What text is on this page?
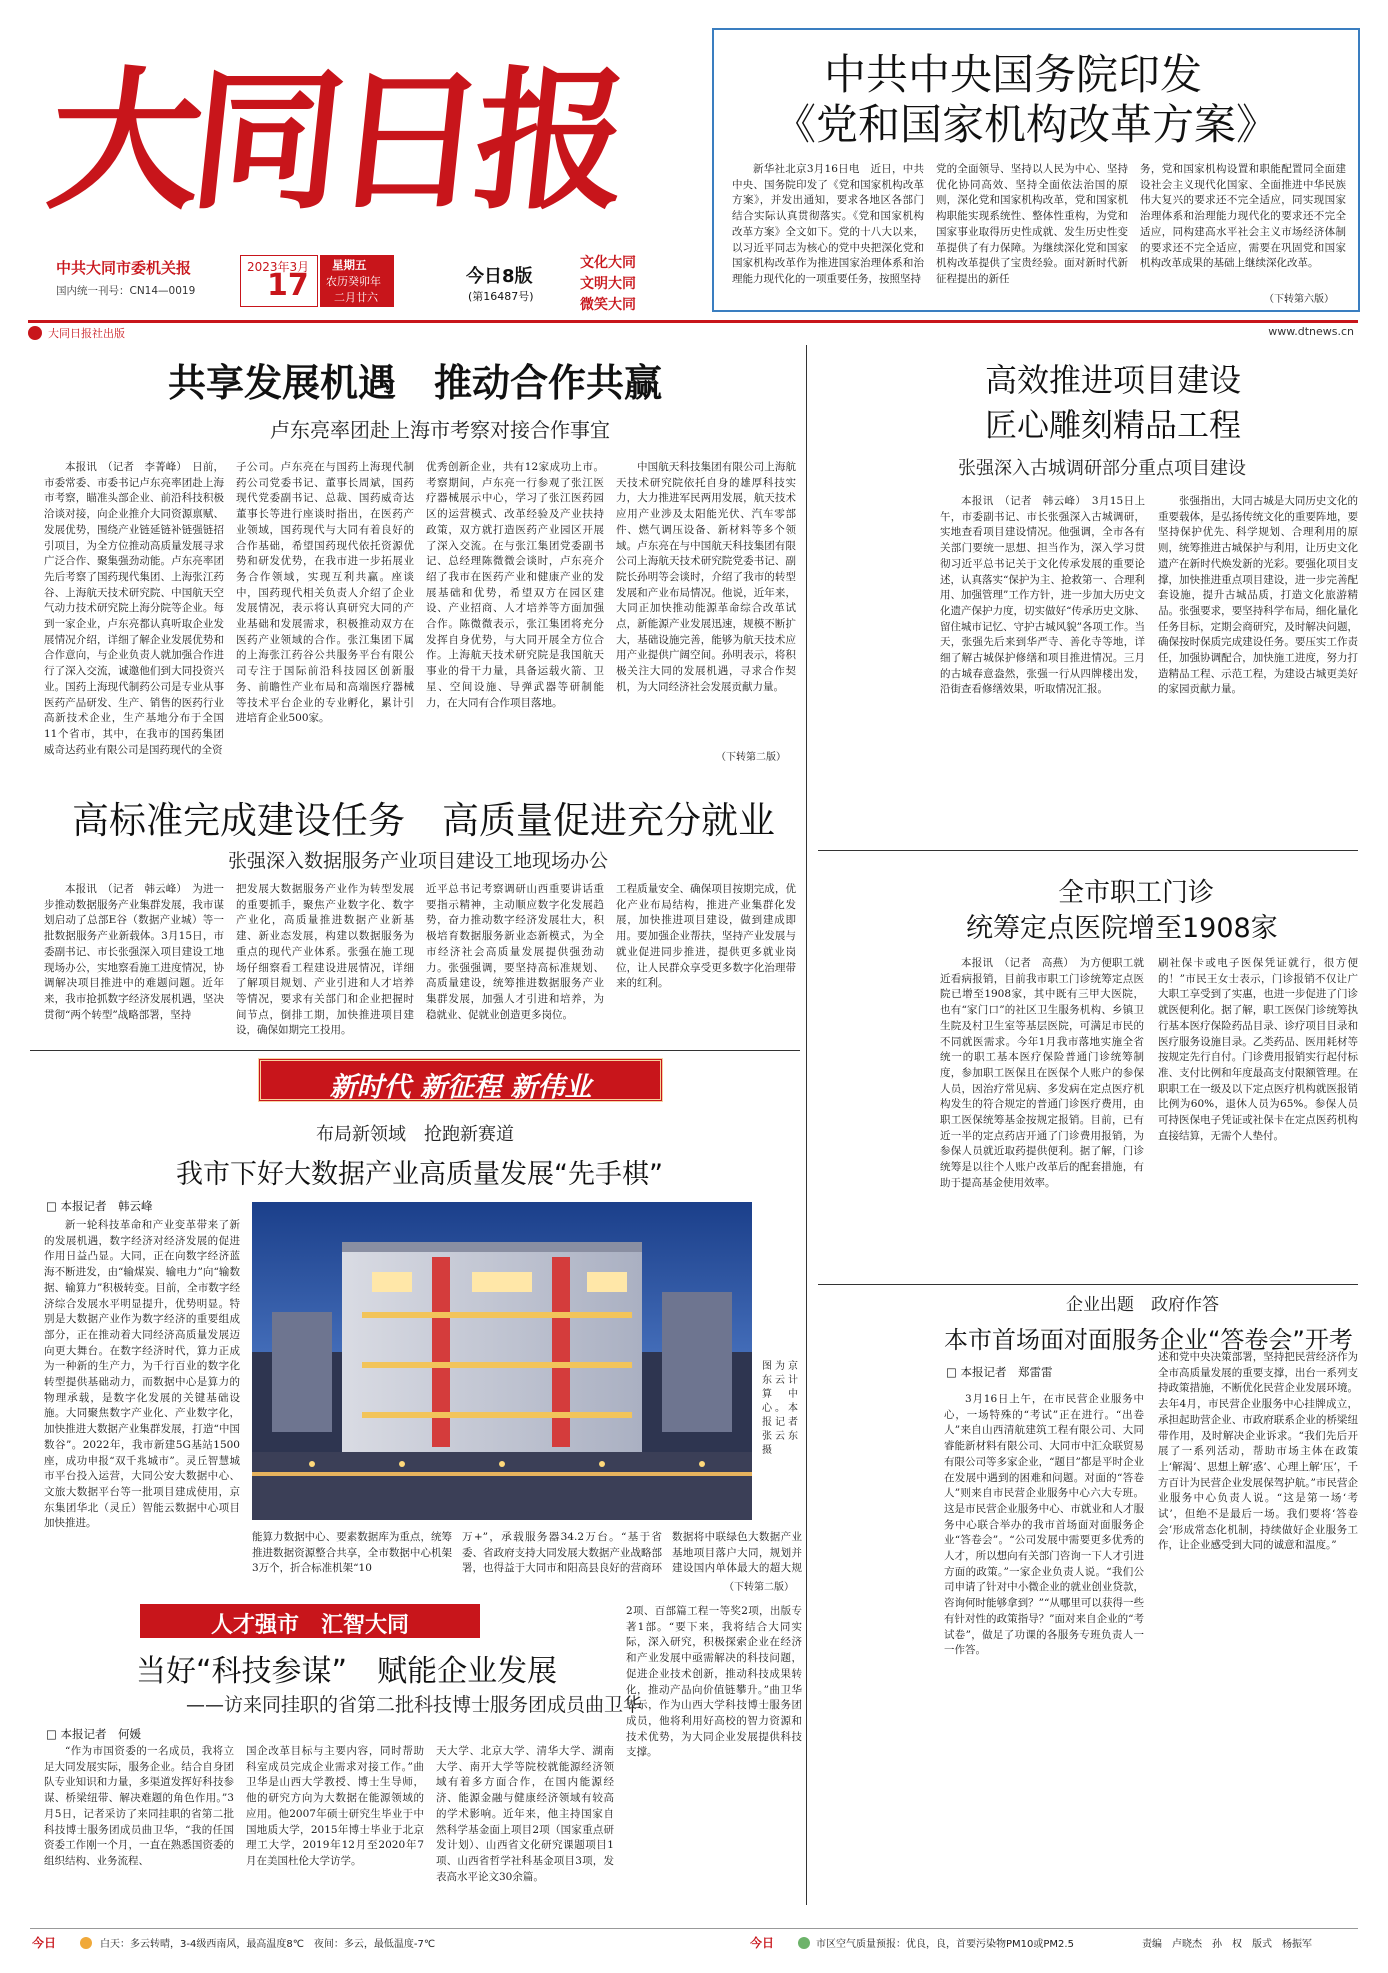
大同日报
中共大同市委机关报
国内统一刊号：CN14—0019
2023年3月
17
星期五
农历癸卯年
二月廿六
今日8版
(第16487号)
文化大同
文明大同
微笑大同
大同日报社出版	www.dtnews.cn
中共中央国务院印发
《党和国家机构改革方案》

新华社北京3月16日电　近日，中共中央、国务院印发了《党和国家机构改革方案》，并发出通知，要求各地区各部门结合实际认真贯彻落实。《党和国家机构改革方案》全文如下。党的十八大以来，以习近平同志为核心的党中央把深化党和国家机构改革作为推进国家治理体系和治理能力现代化的一项重要任务，按照坚持

党的全面领导、坚持以人民为中心、坚持优化协同高效、坚持全面依法治国的原则，深化党和国家机构改革，党和国家机构职能实现系统性、整体性重构，为党和国家事业取得历史性成就、发生历史性变革提供了有力保障。为继续深化党和国家机构改革提供了宝贵经验。面对新时代新征程提出的新任

务，党和国家机构设置和职能配置同全面建设社会主义现代化国家、全面推进中华民族伟大复兴的要求还不完全适应，同实现国家治理体系和治理能力现代化的要求还不完全适应，同构建高水平社会主义市场经济体制的要求还不完全适应，需要在巩固党和国家机构改革成果的基础上继续深化改革。

（下转第六版）
共享发展机遇　推动合作共赢
卢东亮率团赴上海市考察对接合作事宜

本报讯　（记者　李菁峰）　日前，市委常委、市委书记卢东亮率团赴上海市考察，瞄准头部企业、前沿科技积极洽谈对接，向企业推介大同资源禀赋、发展优势，围绕产业链延链补链强链招引项目，为全方位推动高质量发展寻求广泛合作、聚集强劲动能。卢东亮率团先后考察了国药现代集团、上海张江药谷、上海航天技术研究院、中国航天空气动力技术研究院上海分院等企业。每到一家企业，卢东亮都认真听取企业发展情况介绍，详细了解企业发展优势和合作意向，与企业负责人就加强合作进行了深入交流，诚邀他们到大同投资兴业。国药上海现代制药公司是专业从事医药产品研发、生产、销售的医药行业高新技术企业，生产基地分布于全国11个省市，其中，在我市的国药集团威奇达药业有限公司是国药现代的全资

子公司。卢东亮在与国药上海现代制药公司党委书记、董事长周斌，国药现代党委副书记、总裁、国药威奇达董事长等进行座谈时指出，在医药产业领域，国药现代与大同有着良好的合作基础，希望国药现代依托资源优势和研发优势，在我市进一步拓展业务合作领域，实现互利共赢。座谈中，国药现代相关负责人介绍了企业发展情况，表示将认真研究大同的产业基础和发展需求，积极推动双方在医药产业领域的合作。张江集团下属的上海张江药谷公共服务平台有限公司专注于国际前沿科技园区创新服务、前瞻性产业布局和高端医疗器械等技术平台企业的专业孵化，累计引进培育企业500家。

优秀创新企业，共有12家成功上市。考察期间，卢东亮一行参观了张江医疗器械展示中心，学习了张江医药园区的运营模式、改革经验及产业扶持政策，双方就打造医药产业园区开展了深入交流。在与张江集团党委副书记、总经理陈微微会谈时，卢东亮介绍了我市在医药产业和健康产业的发展基础和优势，希望双方在园区建设、产业招商、人才培养等方面加强合作。陈微微表示，张江集团将充分发挥自身优势，与大同开展全方位合作。上海航天技术研究院是我国航天事业的骨干力量，具备运载火箭、卫星、空间设施、导弹武器等研制能力，在大同有合作项目落地。

中国航天科技集团有限公司上海航天技术研究院依托自身的雄厚科技实力，大力推进军民两用发展，航天技术应用产业涉及太阳能光伏、汽车零部件、燃气调压设备、新材料等多个领域。卢东亮在与中国航天科技集团有限公司上海航天技术研究院党委书记、副院长孙明等会谈时，介绍了我市的转型发展和产业布局情况。他说，近年来，大同正加快推动能源革命综合改革试点，新能源产业发展迅速，规模不断扩大，基础设施完善，能够为航天技术应用产业提供广阔空间。孙明表示，将积极关注大同的发展机遇，寻求合作契机，为大同经济社会发展贡献力量。

（下转第二版）
高效推进项目建设
匠心雕刻精品工程
张强深入古城调研部分重点项目建设

本报讯　（记者　韩云峰）　3月15日上午，市委副书记、市长张强深入古城调研，实地查看项目建设情况。他强调，全市各有关部门要统一思想、担当作为，深入学习贯彻习近平总书记关于文化传承发展的重要论述，认真落实“保护为主、抢救第一、合理利用、加强管理”工作方针，进一步加大历史文化遗产保护力度，切实做好“传承历史文脉、留住城市记忆、守护古城风貌”各项工作。当天，张强先后来到华严寺、善化寺等地，详细了解古城保护修缮和项目推进情况。三月的古城春意盎然，张强一行从四牌楼出发，沿街查看修缮效果，听取情况汇报。

张强指出，大同古城是大同历史文化的重要载体，是弘扬传统文化的重要阵地，要坚持保护优先、科学规划、合理利用的原则，统筹推进古城保护与利用，让历史文化遗产在新时代焕发新的光彩。要强化项目支撑，加快推进重点项目建设，进一步完善配套设施，提升古城品质，打造文化旅游精品。张强要求，要坚持科学布局，细化量化任务目标，定期会商研究，及时解决问题，确保按时保质完成建设任务。要压实工作责任，加强协调配合，加快施工进度，努力打造精品工程、示范工程，为建设古城更美好的家园贡献力量。

高标准完成建设任务　高质量促进充分就业
张强深入数据服务产业项目建设工地现场办公

本报讯　（记者　韩云峰）　为进一步推动数据服务产业集群发展，我市谋划启动了总部E谷（数据产业城）等一批数据服务产业新载体。3月15日，市委副书记、市长张强深入项目建设工地现场办公，实地察看施工进度情况，协调解决项目推进中的难题问题。近年来，我市抢抓数字经济发展机遇，坚决贯彻“两个转型”战略部署，坚持

把发展大数据服务产业作为转型发展的重要抓手，聚焦产业数字化、数字产业化，高质量推进数据产业新基建、新业态发展，构建以数据服务为重点的现代产业体系。张强在施工现场仔细察看工程建设进展情况，详细了解项目规划、产业引进和人才培养等情况，要求有关部门和企业把握时间节点，倒排工期，加快推进项目建设，确保如期完工投用。

近平总书记考察调研山西重要讲话重要指示精神，主动顺应数字化发展趋势，奋力推动数字经济发展壮大，积极培育数据服务新业态新模式，为全市经济社会高质量发展提供强劲动力。张强强调，要坚持高标准规划、高质量建设，统筹推进数据服务产业集群发展，加强人才引进和培养，为稳就业、促就业创造更多岗位。

工程质量安全、确保项目按期完成，优化产业布局结构，推进产业集群化发展，加快推进项目建设，做到建成即用。要加强企业帮扶，坚持产业发展与就业促进同步推进，提供更多就业岗位，让人民群众享受更多数字化治理带来的红利。

新时代 新征程 新伟业
布局新领域　抢跑新赛道
我市下好大数据产业高质量发展“先手棋”
□ 本报记者　韩云峰

新一轮科技革命和产业变革带来了新的发展机遇，数字经济对经济发展的促进作用日益凸显。大同，正在向数字经济蓝海不断进发，由“输煤炭、输电力”向“输数据、输算力”积极转变。目前，全市数字经济综合发展水平明显提升，优势明显。特别是大数据产业作为数字经济的重要组成部分，正在推动着大同经济高质量发展迈向更大舞台。在数字经济时代，算力正成为一种新的生产力，为千行百业的数字化转型提供基础动力，而数据中心是算力的物理承载，是数字化发展的关键基础设施。大同聚焦数字产业化、产业数字化，加快推进大数据产业集群发展，打造“中国数谷”。2022年，我市新建5G基站1500座，成功申报“双千兆城市”。灵丘智慧城市平台投入运营，大同公安大数据中心、文旅大数据平台等一批项目建成使用，京东集团华北（灵丘）智能云数据中心项目加快推进。

图为京东云计算中心。本报记者　张云东　摄

能算力数据中心、要素数据库为重点，统筹推进数据资源整合共享，全市数据中心机架3万个，折合标准机架“10

万+”，承载服务器34.2万台。“基于省委、省政府支持大同发展大数据产业战略部署，也得益于大同市和阳高县良好的营商环

数据将中联绿色大数据产业基地项目落户大同，规划并建设国内单体最大的超大规

（下转第二版）
人才强市　汇智大同
当好“科技参谋”　赋能企业发展
——访来同挂职的省第二批科技博士服务团成员曲卫华
□ 本报记者　何媛

“作为市国资委的一名成员，我将立足大同发展实际，服务企业。结合自身团队专业知识和力量，多渠道发挥好科技参谋、桥梁纽带、解决难题的角色作用。”3月5日，记者采访了来同挂职的省第二批科技博士服务团成员曲卫华，“我的任国资委工作刚一个月，一直在熟悉国资委的组织结构、业务流程、

国企改革目标与主要内容，同时帮助科室成员完成企业需求对接工作。”曲卫华是山西大学教授、博士生导师，他的研究方向为大数据在能源领域的应用。他2007年硕士研究生毕业于中国地质大学，2015年博士毕业于北京理工大学，2019年12月至2020年7月在美国杜伦大学访学。

天大学、北京大学、清华大学、湖南大学、南开大学等院校就能源经济领域有着多方面合作，在国内能源经济、能源金融与健康经济领域有较高的学术影响。近年来，他主持国家自然科学基金面上项目2项（国家重点研发计划）、山西省文化研究课题项目1项、山西省哲学社科基金项目3项，发表高水平论文30余篇。

2项、百部篇工程一等奖2项，出版专著1部。“要下来，我将结合大同实际，深入研究，积极探索企业在经济和产业发展中亟需解决的科技问题，促进企业技术创新，推动科技成果转化，推动产品向价值链攀升。”曲卫华表示，作为山西大学科技博士服务团成员，他将利用好高校的智力资源和技术优势，为大同企业发展提供科技支撑。

全市职工门诊
统筹定点医院增至1908家

本报讯　（记者　高燕）　为方便职工就近看病报销，目前我市职工门诊统筹定点医院已增至1908家，其中既有三甲大医院，也有“家门口”的社区卫生服务机构、乡镇卫生院及村卫生室等基层医院，可满足市民的不同就医需求。今年1月我市落地实施全省统一的职工基本医疗保险普通门诊统筹制度，参加职工医保且在医保个人账户的参保人员，因治疗常见病、多发病在定点医疗机构发生的符合规定的普通门诊医疗费用，由职工医保统筹基金按规定报销。目前，已有近一半的定点药店开通了门诊费用报销，为参保人员就近取药提供便利。据了解，门诊统筹是以往个人账户改革后的配套措施，有助于提高基金使用效率。

刷社保卡或电子医保凭证就行，很方便的！”市民王女士表示，门诊报销不仅让广大职工享受到了实惠，也进一步促进了门诊就医便利化。据了解，职工医保门诊统筹执行基本医疗保险药品目录、诊疗项目目录和医疗服务设施目录。乙类药品、医用耗材等按规定先行自付。门诊费用报销实行起付标准、支付比例和年度最高支付限额管理。在职职工在一级及以下定点医疗机构就医报销比例为60%，退休人员为65%。参保人员可持医保电子凭证或社保卡在定点医药机构直接结算，无需个人垫付。

企业出题　政府作答
本市首场面对面服务企业“答卷会”开考
□ 本报记者　郑雷雷

3月16日上午，在市民营企业服务中心，一场特殊的“考试”正在进行。“出卷人”来自山西清航建筑工程有限公司、大同睿能新材料有限公司、大同市中汇众联贸易有限公司等多家企业，“题目”都是平时企业在发展中遇到的困难和问题。对面的“答卷人”则来自市民营企业服务中心六大专班。这是市民营企业服务中心、市就业和人才服务中心联合举办的我市首场面对面服务企业“答卷会”。“公司发展中需要更多优秀的人才，所以想向有关部门咨询一下人才引进方面的政策。”一家企业负责人说。“我们公司申请了针对中小微企业的就业创业贷款，咨询何时能够拿到？”“从哪里可以获得一些有针对性的政策指导？”面对来自企业的“考试卷”，做足了功课的各服务专班负责人一一作答。

述和党中央决策部署，坚持把民营经济作为全市高质量发展的重要支撑，出台一系列支持政策措施，不断优化民营企业发展环境。去年4月，市民营企业服务中心挂牌成立，承担起助营企业、市政府联系企业的桥梁纽带作用，及时解决企业诉求。“我们先后开展了一系列活动，帮助市场主体在政策上‘解渴’、思想上解‘惑’、心理上解‘压’，千方百计为民营企业发展保驾护航。”市民营企业服务中心负责人说。“这是第一场‘考试’，但绝不是最后一场。我们要将‘答卷会’形成常态化机制，持续做好企业服务工作，让企业感受到大同的诚意和温度。”

今日	白天：多云转晴，3-4级西南风，最高温度8℃　夜间：多云，最低温度-7℃	今日	市区空气质量预报：优良，良，首要污染物PM10或PM2.5	责编　卢晓杰　孙　权　版式　杨振军
